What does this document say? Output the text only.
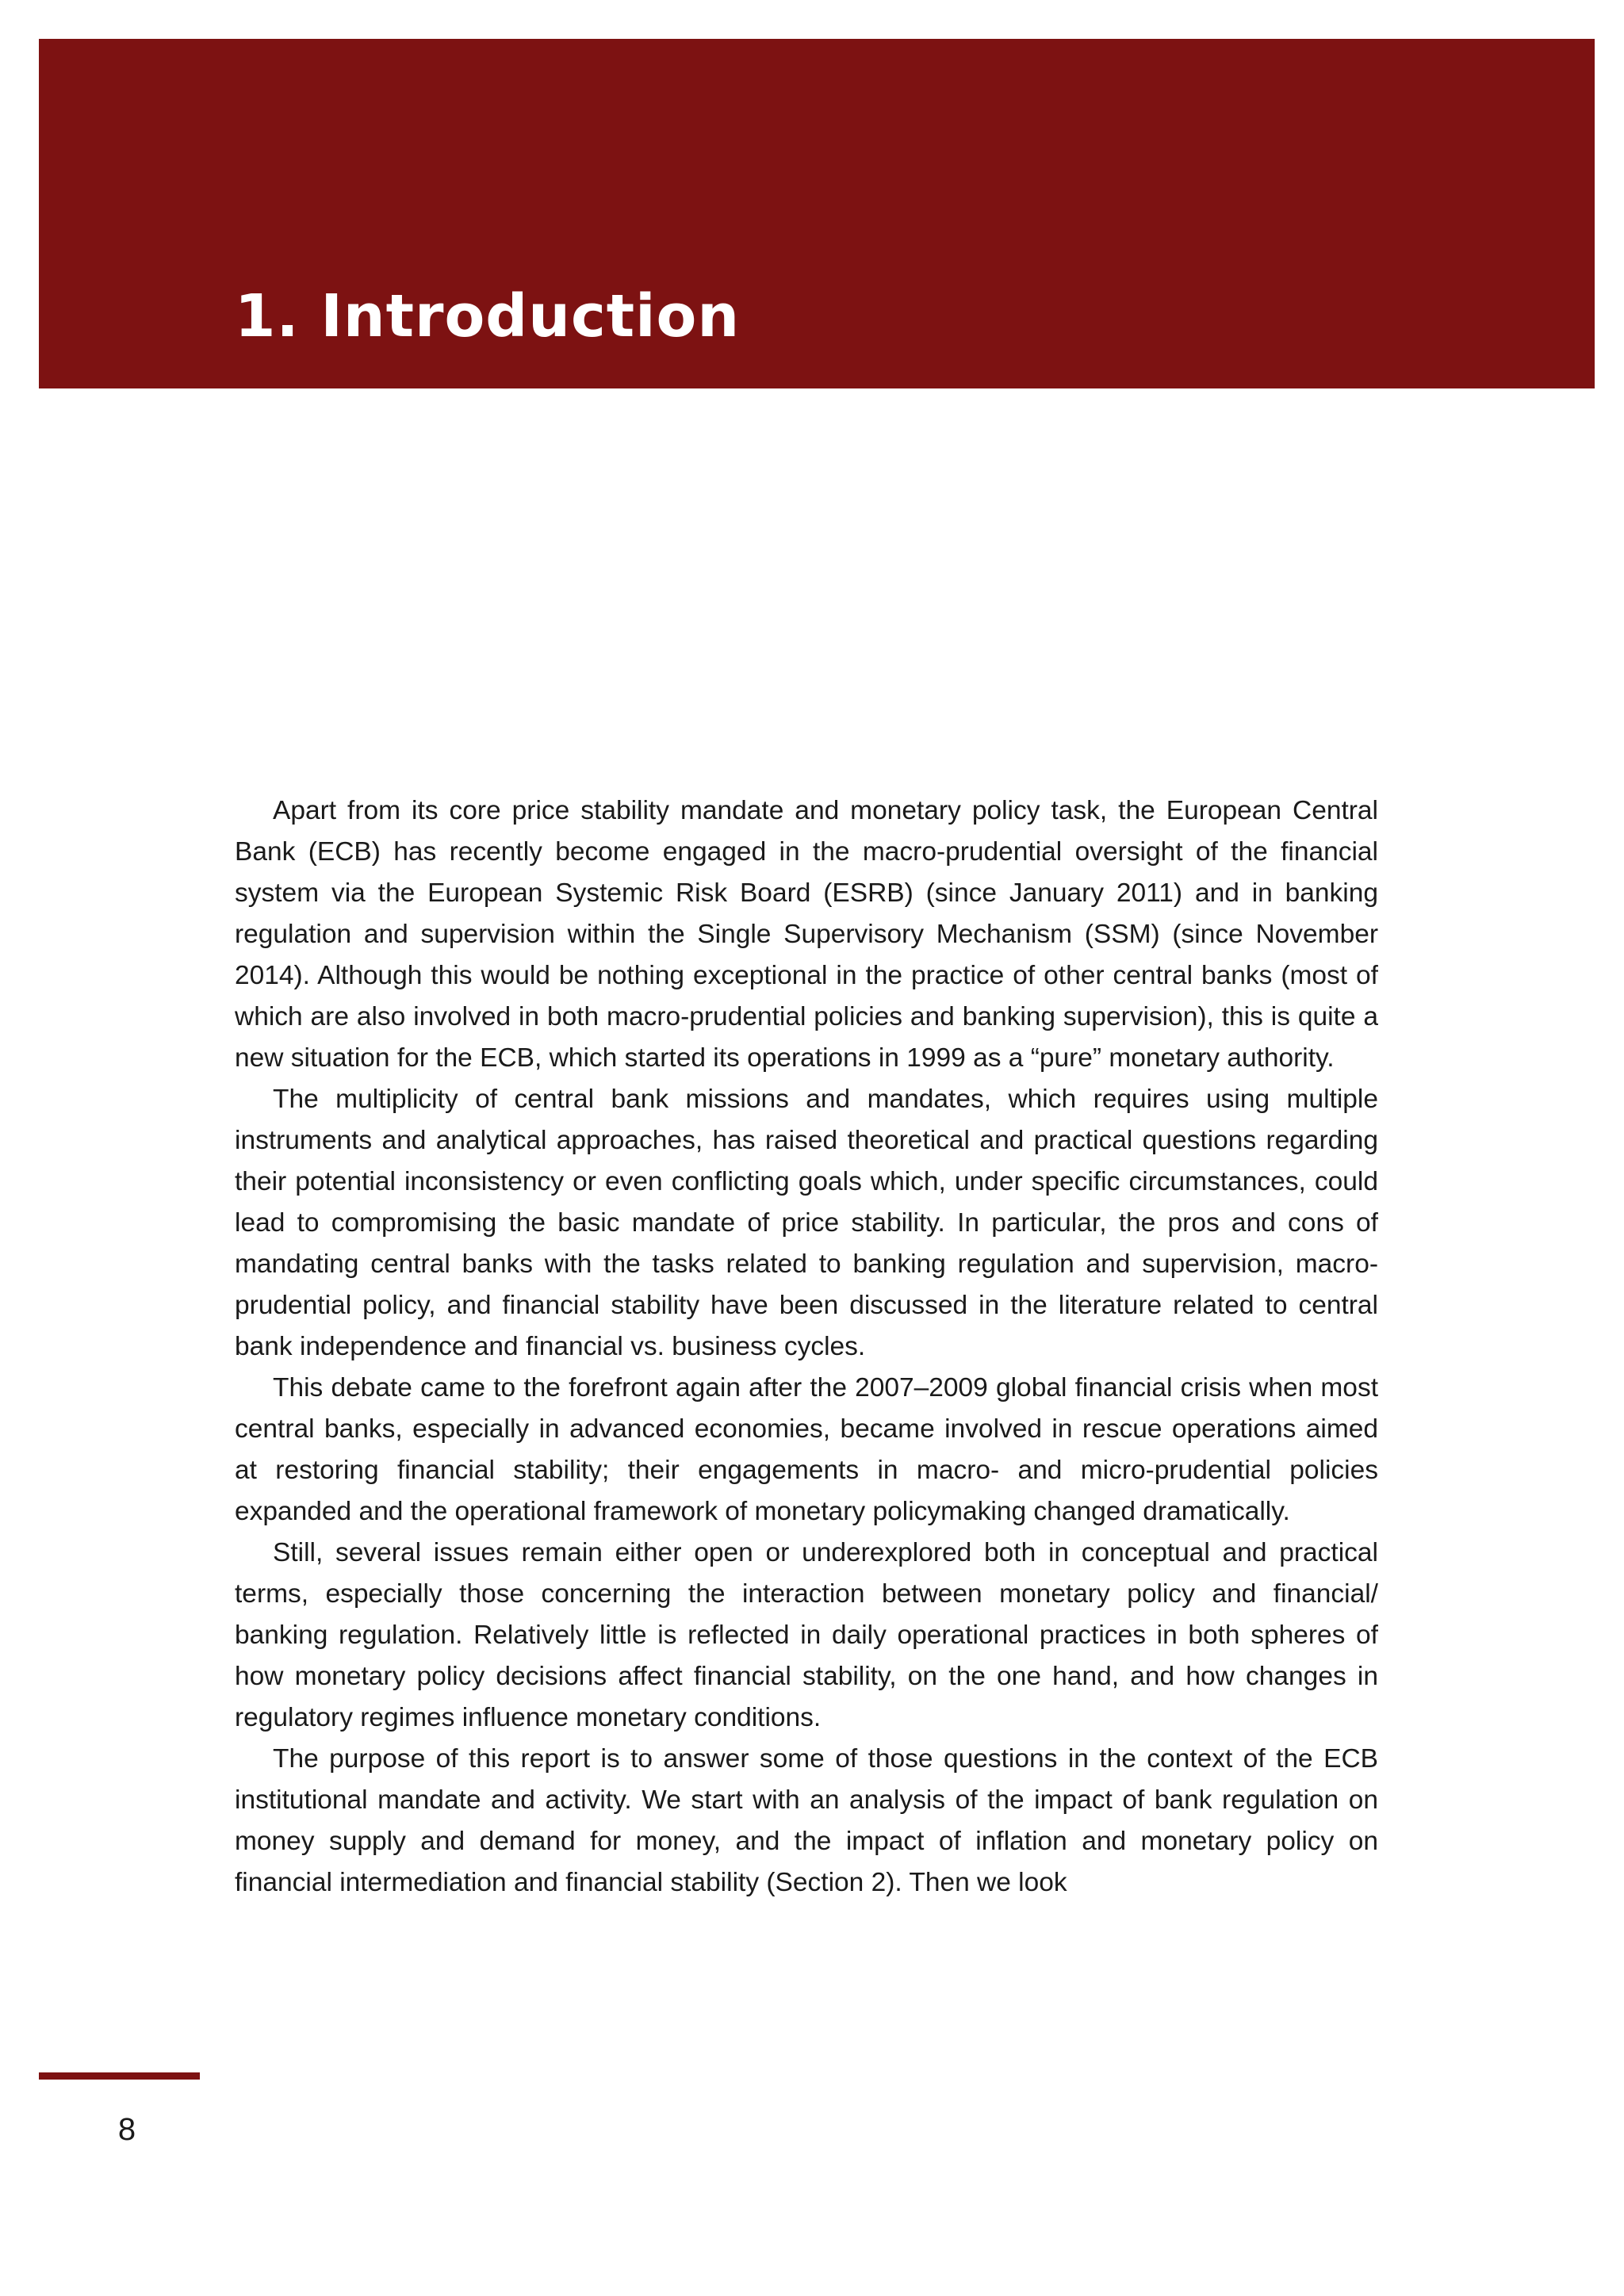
1. Introduction

Apart from its core price stability mandate and monetary policy task, the European Central Bank (ECB) has recently become engaged in the macro-prudential oversight of the financial system via the European Systemic Risk Board (ESRB) (since January 2011) and in banking regulation and supervision within the Single Supervisory Mechanism (SSM) (since November 2014). Although this would be nothing exceptional in the practice of other central banks (most of which are also involved in both macro-prudential policies and banking supervision), this is quite a new situation for the ECB, which started its operations in 1999 as a “pure” monetary authority.

The multiplicity of central bank missions and mandates, which requires using multiple instruments and analytical approaches, has raised theoretical and practical questions regarding their potential inconsistency or even conflicting goals which, under specific circumstances, could lead to compromising the basic mandate of price stability. In particular, the pros and cons of mandating central banks with the tasks related to banking regulation and supervision, macro-prudential policy, and financial stability have been discussed in the literature related to central bank independence and financial vs. business cycles.

This debate came to the forefront again after the 2007–2009 global financial crisis when most central banks, especially in advanced economies, became involved in rescue operations aimed at restoring financial stability; their engagements in macro- and micro-prudential policies expanded and the operational framework of monetary policymaking changed dramatically.

Still, several issues remain either open or underexplored both in conceptual and practical terms, especially those concerning the interaction between monetary policy and financial/ banking regulation. Relatively little is reflected in daily operational practices in both spheres of how monetary policy decisions affect financial stability, on the one hand, and how changes in regulatory regimes influence monetary conditions.

The purpose of this report is to answer some of those questions in the context of the ECB institutional mandate and activity. We start with an analysis of the impact of bank regulation on money supply and demand for money, and the impact of inflation and monetary policy on financial intermediation and financial stability (Section 2). Then we look

8
